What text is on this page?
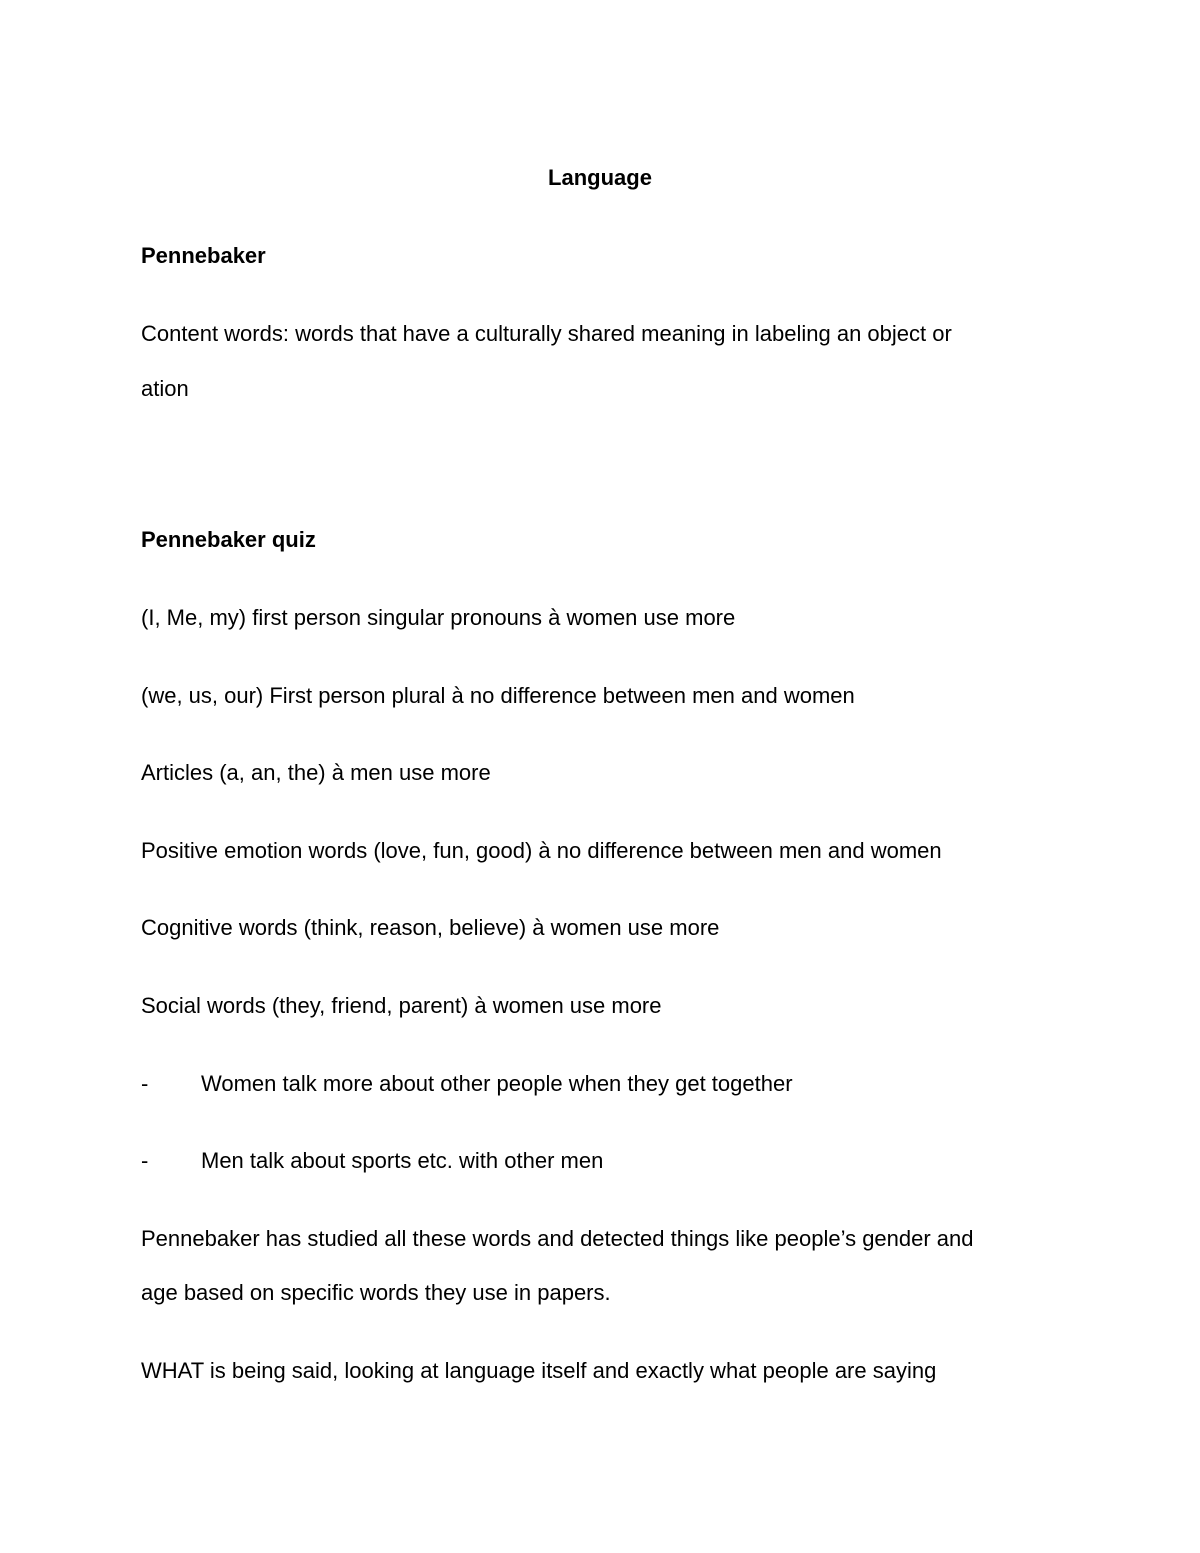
Language
Pennebaker

Content words: words that have a culturally shared meaning in labeling an object or

ation

Pennebaker quiz

(I, Me, my) first person singular pronouns à women use more

(we, us, our) First person plural à no difference between men and women

Articles (a, an, the) à men use more

Positive emotion words (love, fun, good) à no difference between men and women

Cognitive words (think, reason, believe) à women use more

Social words (they, friend, parent) à women use more

- Women talk more about other people when they get together
- Men talk about sports etc. with other men

Pennebaker has studied all these words and detected things like people’s gender and

age based on specific words they use in papers.

WHAT is being said, looking at language itself and exactly what people are saying
